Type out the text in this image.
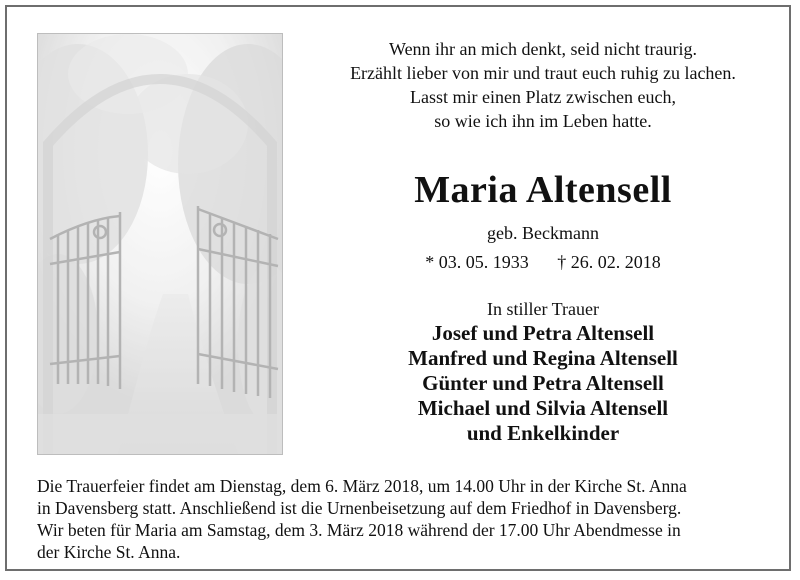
Wenn ihr an mich denkt, seid nicht traurig.
Erzählt lieber von mir und traut euch ruhig zu lachen.
Lasst mir einen Platz zwischen euch,
so wie ich ihn im Leben hatte.
Maria Altensell
geb. Beckmann
* 03. 05. 1933 † 26. 02. 2018
In stiller Trauer
Josef und Petra Altensell
Manfred und Regina Altensell
Günter und Petra Altensell
Michael und Silvia Altensell
und Enkelkinder
Die Trauerfeier findet am Dienstag, dem 6. März 2018, um 14.00 Uhr in der Kirche St. Anna
in Davensberg statt. Anschließend ist die Urnenbeisetzung auf dem Friedhof in Davensberg.
Wir beten für Maria am Samstag, dem 3. März 2018 während der 17.00 Uhr Abendmesse in
der Kirche St. Anna.
